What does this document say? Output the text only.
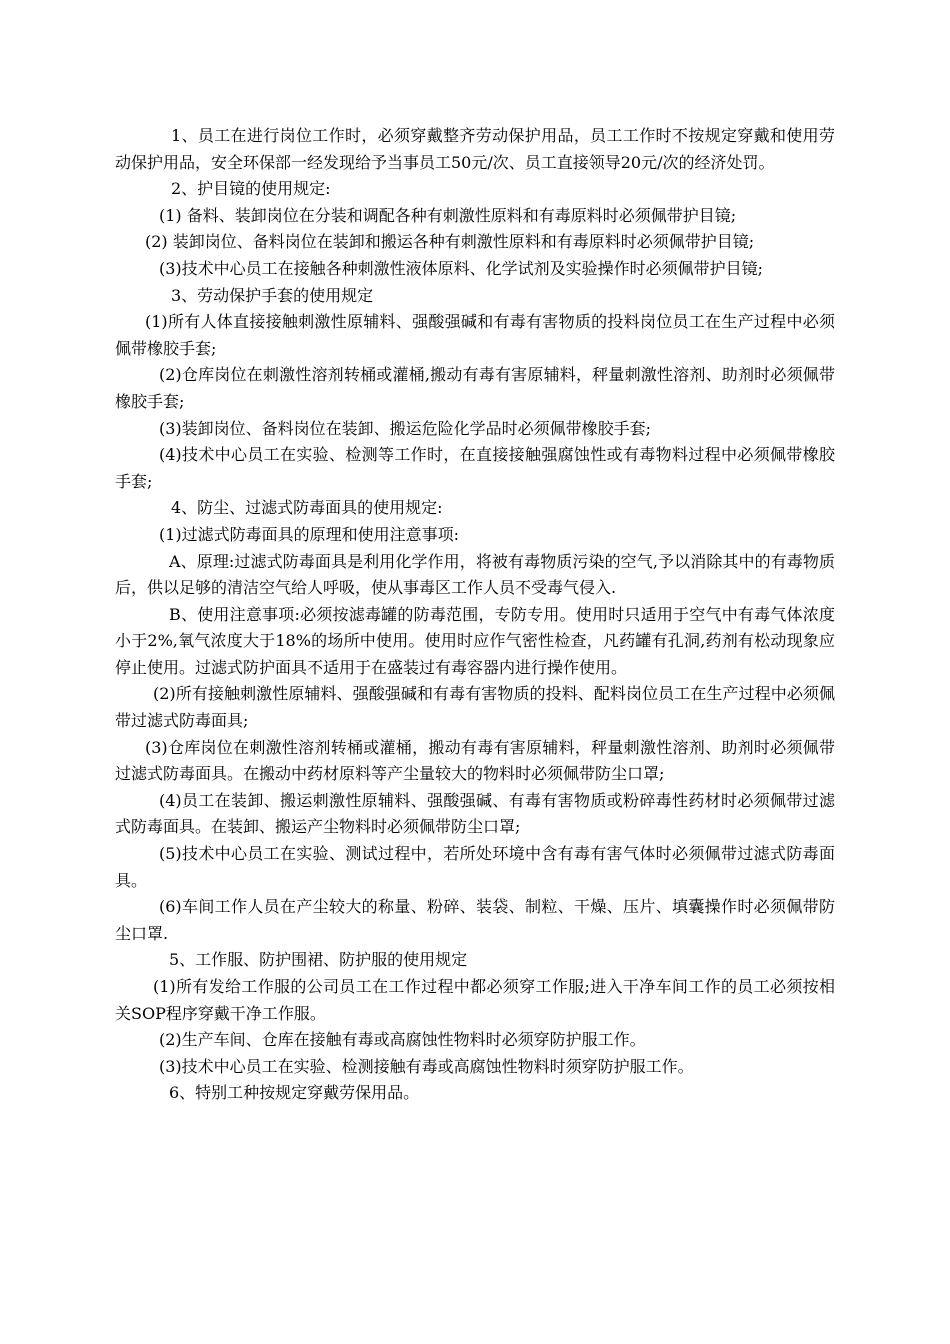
1、员工在进行岗位工作时，必须穿戴整齐劳动保护用品，员工工作时不按规定穿戴和使用劳动保护用品，安全环保部一经发现给予当事员工50元/次、员工直接领导20元/次的经济处罚。

2、护目镜的使用规定:

(1) 备料、装卸岗位在分装和调配各种有刺激性原料和有毒原料时必须佩带护目镜;

(2) 装卸岗位、备料岗位在装卸和搬运各种有刺激性原料和有毒原料时必须佩带护目镜;

(3)技术中心员工在接触各种刺激性液体原料、化学试剂及实验操作时必须佩带护目镜;

3、劳动保护手套的使用规定

(1)所有人体直接接触刺激性原辅料、强酸强碱和有毒有害物质的投料岗位员工在生产过程中必须佩带橡胶手套;

(2)仓库岗位在刺激性溶剂转桶或灌桶,搬动有毒有害原辅料，秤量刺激性溶剂、助剂时必须佩带橡胶手套;

(3)装卸岗位、备料岗位在装卸、搬运危险化学品时必须佩带橡胶手套;

(4)技术中心员工在实验、检测等工作时，在直接接触强腐蚀性或有毒物料过程中必须佩带橡胶手套;

4、防尘、过滤式防毒面具的使用规定:

(1)过滤式防毒面具的原理和使用注意事项:

A、原理:过滤式防毒面具是利用化学作用，将被有毒物质污染的空气,予以消除其中的有毒物质后，供以足够的清洁空气给人呼吸，使从事毒区工作人员不受毒气侵入.

B、使用注意事项:必须按滤毒罐的防毒范围，专防专用。使用时只适用于空气中有毒气体浓度小于2%,氧气浓度大于18%的场所中使用。使用时应作气密性检查，凡药罐有孔洞,药剂有松动现象应停止使用。过滤式防护面具不适用于在盛装过有毒容器内进行操作使用。

(2)所有接触刺激性原辅料、强酸强碱和有毒有害物质的投料、配料岗位员工在生产过程中必须佩带过滤式防毒面具;

(3)仓库岗位在刺激性溶剂转桶或灌桶，搬动有毒有害原辅料，秤量刺激性溶剂、助剂时必须佩带过滤式防毒面具。在搬动中药材原料等产尘量较大的物料时必须佩带防尘口罩;

(4)员工在装卸、搬运刺激性原辅料、强酸强碱、有毒有害物质或粉碎毒性药材时必须佩带过滤式防毒面具。在装卸、搬运产尘物料时必须佩带防尘口罩;

(5)技术中心员工在实验、测试过程中，若所处环境中含有毒有害气体时必须佩带过滤式防毒面具。

(6)车间工作人员在产尘较大的称量、粉碎、装袋、制粒、干燥、压片、填囊操作时必须佩带防尘口罩.

5、工作服、防护围裙、防护服的使用规定

(1)所有发给工作服的公司员工在工作过程中都必须穿工作服;进入干净车间工作的员工必须按相关SOP程序穿戴干净工作服。

(2)生产车间、仓库在接触有毒或高腐蚀性物料时必须穿防护服工作。

(3)技术中心员工在实验、检测接触有毒或高腐蚀性物料时须穿防护服工作。

6、特别工种按规定穿戴劳保用品。
